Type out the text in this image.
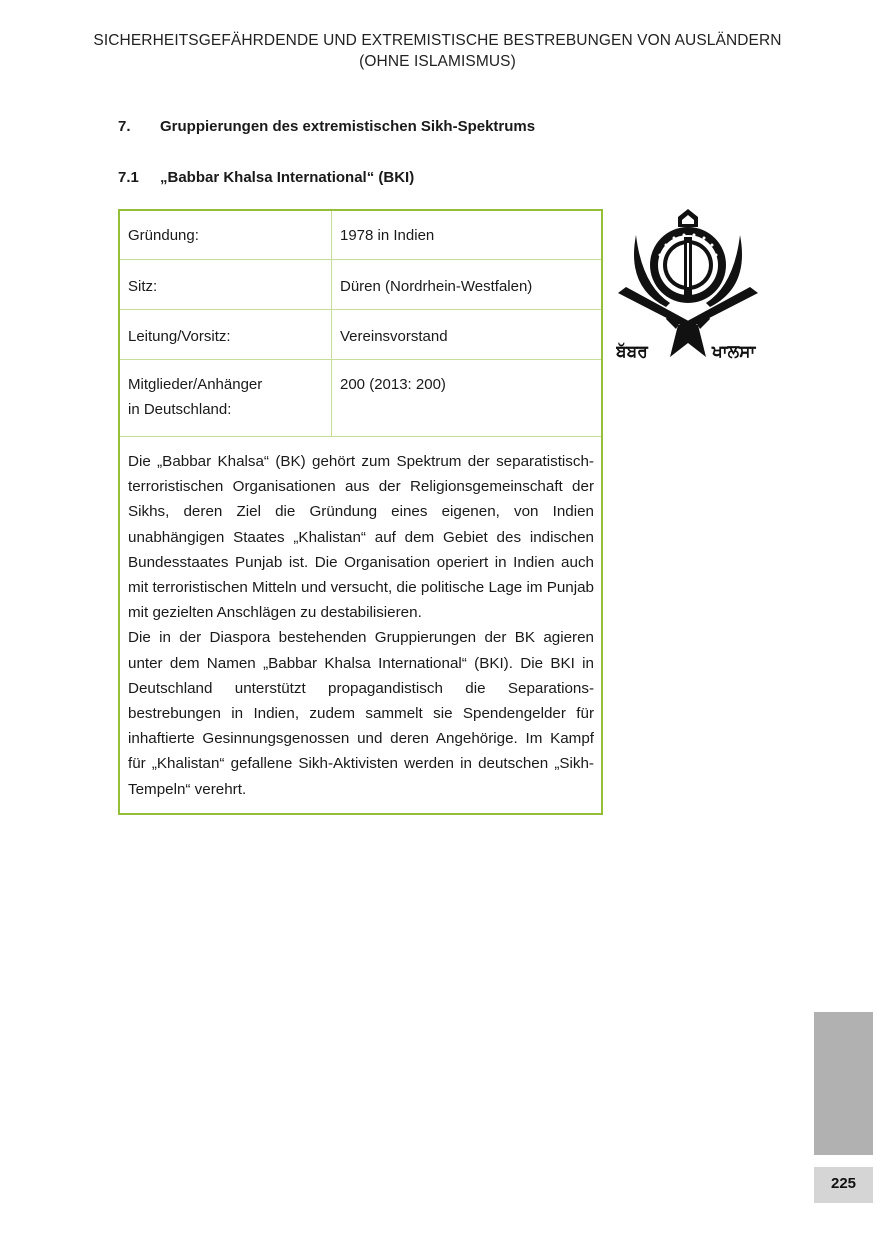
SICHERHEITSGEFÄHRDENDE UND EXTREMISTISCHE BESTREBUNGEN VON AUSLÄNDERN
(OHNE ISLAMISMUS)
7. Gruppierungen des extremistischen Sikh-Spektrums
7.1 „Babbar Khalsa International“ (BKI)
Gründung:	1978 in Indien
Sitz:	Düren (Nordrhein-Westfalen)
Leitung/Vorsitz:	Vereinsvorstand
Mitglieder/Anhänger
in Deutschland:
200 (2013: 200)

Die „Babbar Khalsa“ (BK) gehört zum Spektrum der separatistisch-terroristischen Organisationen aus der Religionsgemeinschaft der Sikhs, deren Ziel die Gründung eines eigenen, von Indien unabhängigen Staates „Khalistan“ auf dem Gebiet des indischen Bundesstaates Punjab ist. Die Organisation operiert in Indien auch mit terroristischen Mitteln und versucht, die politische Lage im Punjab mit gezielten Anschlägen zu destabilisieren.

Die in der Diaspora bestehenden Gruppierungen der BK agieren unter dem Namen „Babbar Khalsa International“ (BKI). Die BKI in Deutschland unterstützt propagandistisch die Separationsbestrebungen in Indien, zudem sammelt sie Spendengelder für inhaftierte Gesinnungsgenossen und deren Angehörige. Im Kampf für „Khalistan“ gefallene Sikh-Aktivisten werden in deutschen „Sikh-Tempeln“ verehrt.

ਬੱਬਰ	ਖਾਲਸਾ
225
